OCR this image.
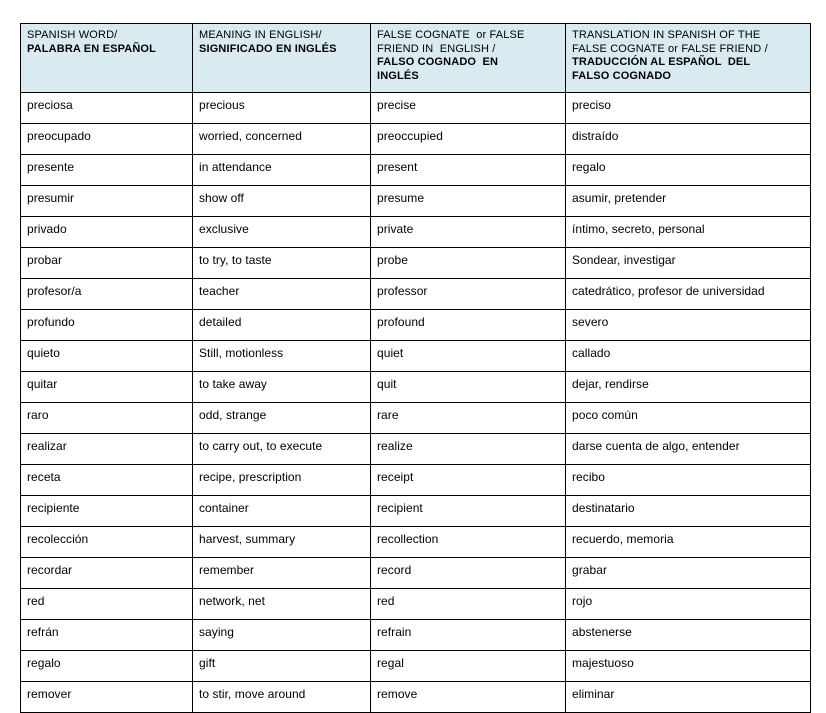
SPANISH WORD/
PALABRA EN ESPAÑOL	MEANING IN ENGLISH/
SIGNIFICADO EN INGLÉS	FALSE COGNATE  or FALSE
FRIEND IN  ENGLISH /
FALSO COGNADO  EN
INGLÉS	TRANSLATION IN SPANISH OF THE
FALSE COGNATE or FALSE FRIEND /
TRADUCCIÓN AL ESPAÑOL  DEL
FALSO COGNADO

preciosa	precious	precise	preciso

preocupado	worried, concerned	preoccupied	distraído

presente	in attendance	present	regalo

presumir	show off	presume	asumir, pretender

privado	exclusive	private	íntimo, secreto, personal

probar	to try, to taste	probe	Sondear, investigar

profesor/a	teacher	professor	catedrático, profesor de universidad

profundo	detailed	profound	severo

quieto	Still, motionless	quiet	callado

quitar	to take away	quit	dejar, rendirse

raro	odd, strange	rare	poco común

realizar	to carry out, to execute	realize	darse cuenta de algo, entender

receta	recipe, prescription	receipt	recibo

recipiente	container	recipient	destinatario

recolección	harvest, summary	recollection	recuerdo, memoria

recordar	remember	record	grabar

red	network, net	red	rojo

refrán	saying	refrain	abstenerse

regalo	gift	regal	majestuoso

remover	to stir, move around	remove	eliminar
